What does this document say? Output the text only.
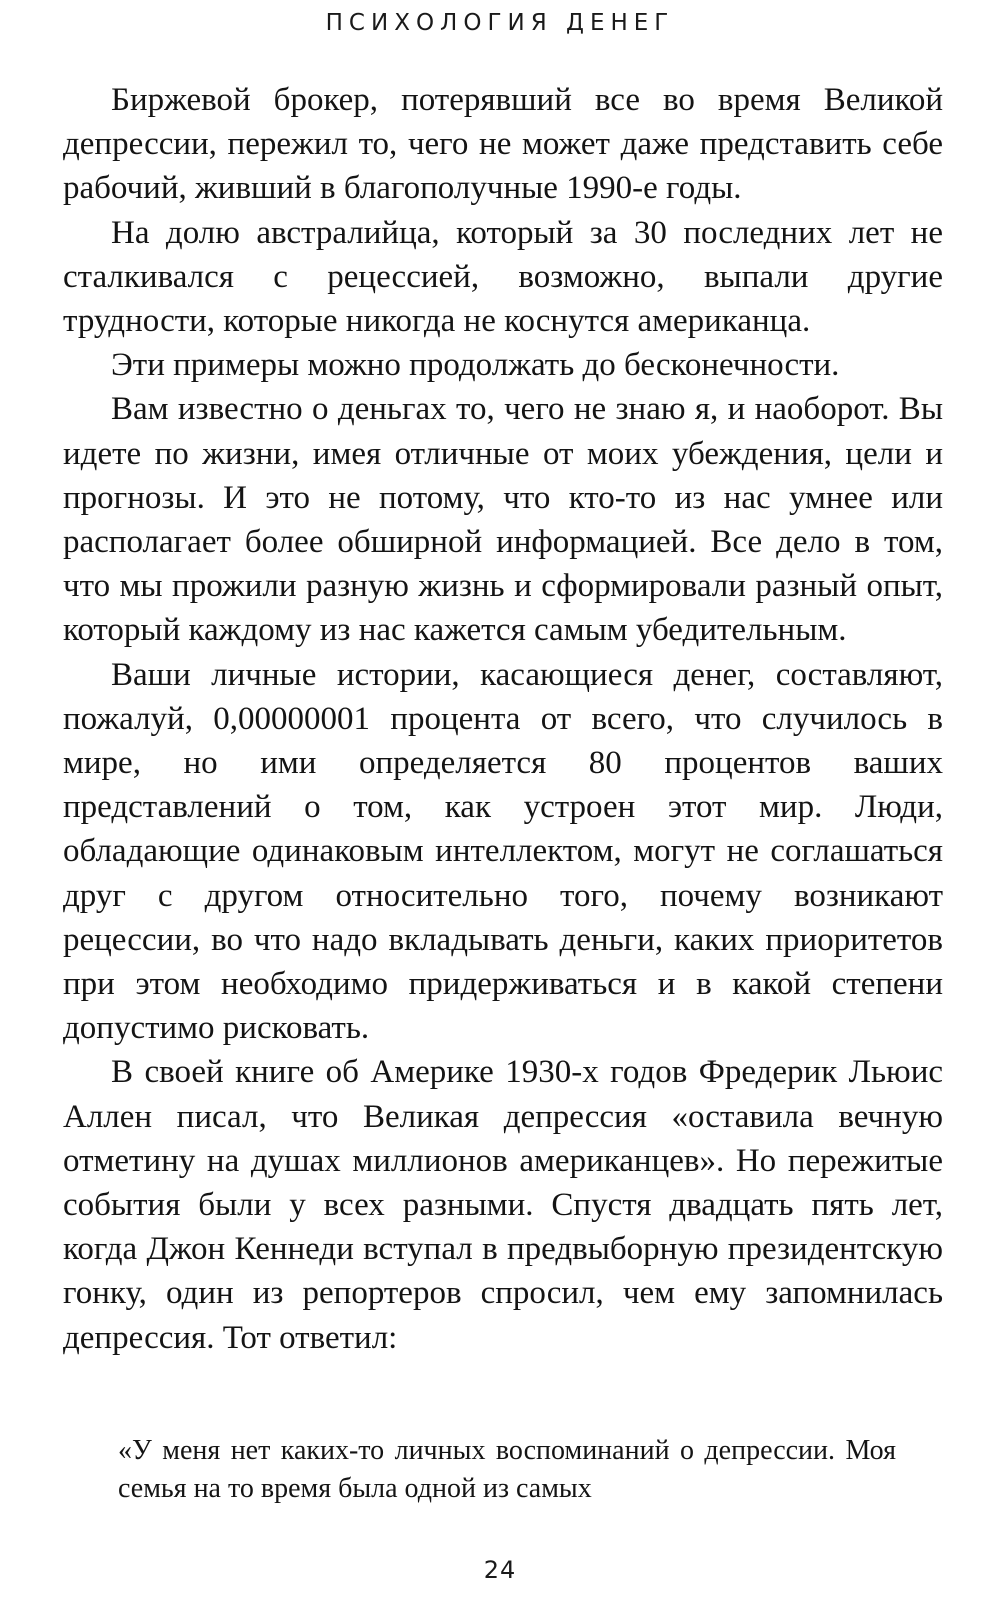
ПСИХОЛОГИЯ ДЕНЕГ

Биржевой брокер, потерявший все во время Великой депрессии, пережил то, чего не может даже представить себе рабочий, живший в благополучные 1990-е годы.

На долю австралийца, который за 30 последних лет не сталкивался с рецессией, возможно, выпали другие трудности, которые никогда не коснутся американца.

Эти примеры можно продолжать до бесконечности.

Вам известно о деньгах то, чего не знаю я, и наоборот. Вы идете по жизни, имея отличные от моих убеждения, цели и прогнозы. И это не потому, что кто-то из нас умнее или располагает более обширной информацией. Все дело в том, что мы прожили разную жизнь и сформировали разный опыт, который каждому из нас кажется самым убедительным.

Ваши личные истории, касающиеся денег, составляют, пожалуй, 0,00000001 процента от всего, что случилось в мире, но ими определяется 80 процентов ваших представлений о том, как устроен этот мир. Люди, обладающие одинаковым интеллектом, могут не соглашаться друг с другом относительно того, почему возникают рецессии, во что надо вкладывать деньги, каких приоритетов при этом необходимо придерживаться и в какой степени допустимо рисковать.

В своей книге об Америке 1930-х годов Фредерик Льюис Аллен писал, что Великая депрессия «оставила вечную отметину на душах миллионов американцев». Но пережитые события были у всех разными. Спустя двадцать пять лет, когда Джон Кеннеди вступал в предвыборную президентскую гонку, один из репортеров спросил, чем ему запомнилась депрессия. Тот ответил:

«У меня нет каких-то личных воспоминаний о депрессии. Моя семья на то время была одной из самых

24
